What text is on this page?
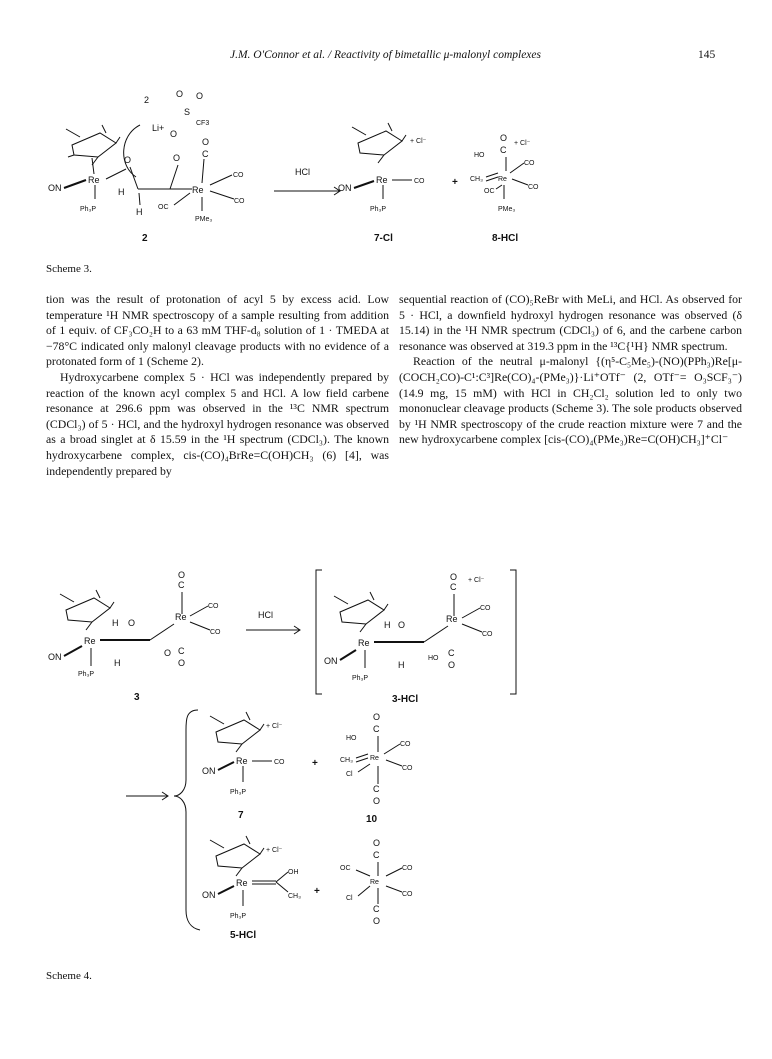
J.M. O'Connor et al. / Reactivity of bimetallic μ-malonyl complexes	145
Re
ON
Ph₃P
O
H
H
O
Re
C
O
CO
CO
OC
PMe₃
Li+
S
CF3
O O
O
2
2
HCl
+ Cl⁻
Re	CO
ON
Ph₃P
7-Cl
+
HO
O
C
+ Cl⁻
CH₃ Re
CO
CO
OC
PMe₃
8-HCl
Scheme 3.

tion was the result of protonation of acyl 5 by excess acid. Low temperature ¹H NMR spectroscopy of a sample resulting from addition of 1 equiv. of CF₃CO₂H to a 63 mM THF-d₈ solution of 1 · TMEDA at −78°C indicated only malonyl cleavage products with no evidence of a protonated form of 1 (Scheme 2).

Hydroxycarbene complex 5 · HCl was independently prepared by reaction of the known acyl complex 5 and HCl. A low field carbene resonance at 296.6 ppm was observed in the ¹³C NMR spectrum (CDCl₃) of 5 · HCl, and the hydroxyl hydrogen resonance was observed as a broad singlet at δ 15.59 in the ¹H spectrum (CDCl₃). The known hydroxycarbene complex, cis-(CO)₄BrRe=C(OH)CH₃ (6) [4], was independently prepared by

sequential reaction of (CO)₅ReBr with MeLi, and HCl. As observed for 5 · HCl, a downfield hydroxyl hydrogen resonance was observed (δ 15.14) in the ¹H NMR spectrum (CDCl₃) of 6, and the carbene carbon resonance was observed at 319.3 ppm in the ¹³C{¹H} NMR spectrum.

Reaction of the neutral μ-malonyl {(η⁵-C₅Me₅)-(NO)(PPh₃)Re[μ-(COCH₂CO)-C¹:C³]Re(CO)₄-(PMe₃)}·Li⁺OTf⁻ (2, OTf⁻= O₃SCF₃⁻) (14.9 mg, 15 mM) with HCl in CH₂Cl₂ solution led to only two mononuclear cleavage products (Scheme 3). The sole products observed by ¹H NMR spectroscopy of the crude reaction mixture were 7 and the new hydroxycarbene complex [cis-(CO)₄(PMe₃)Re=C(OH)CH₃]⁺Cl⁻

Re
ON
Ph₃P
H O
H
Re
C
O
CO
CO
O C
O
3
HCl
Re
ON
Ph₃P
H O
Re
C
O + Cl⁻
CO
CO
HO
C
O
H
3-HCl
+ Cl⁻
Re	CO
ON
Ph₃P
7
+
O
C
HO
CH₃ Re
CO
CO
Cl
C
O
10
+ Cl⁻
Re
OH
CH₃
ON
Ph₃P
5-HCl
+
O
C
Re
OC	CO
Cl
CO
C
O
Scheme 4.
